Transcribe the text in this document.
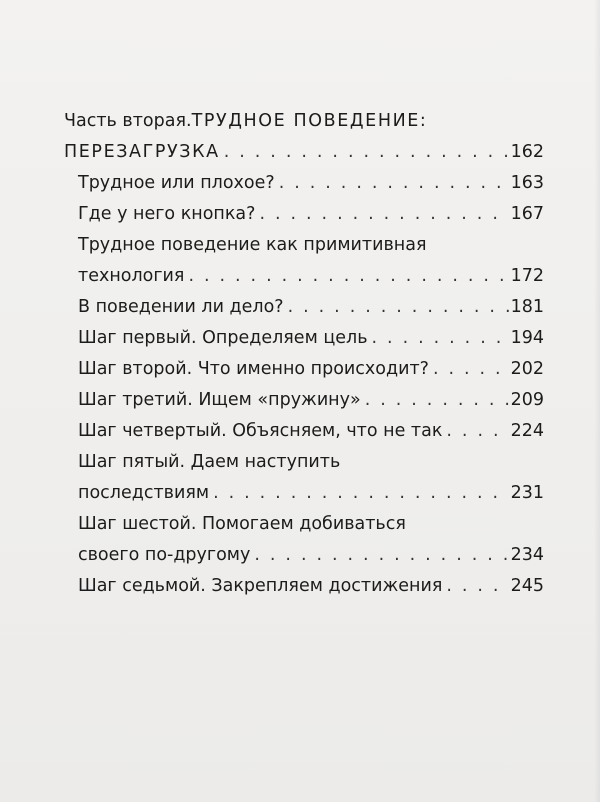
Часть вторая. ТРУДНОЕ ПОВЕДЕНИЕ:
ПЕРЕЗАГРУЗКА . . .	162
Трудное или плохое? . . .	163
Где у него кнопка? . . .	167
Трудное поведение как примитивная
технология . . .	172
В поведении ли дело? . . .	181
Шаг первый. Определяем цель . . .	194
Шаг второй. Что именно происходит? . . .	202
Шаг третий. Ищем «пружину» . . .	209
Шаг четвертый. Объясняем, что не так . . .	224
Шаг пятый. Даем наступить
последствиям . . .	231
Шаг шестой. Помогаем добиваться
своего по-другому . . .	234
Шаг седьмой. Закрепляем достижения . . .	245
